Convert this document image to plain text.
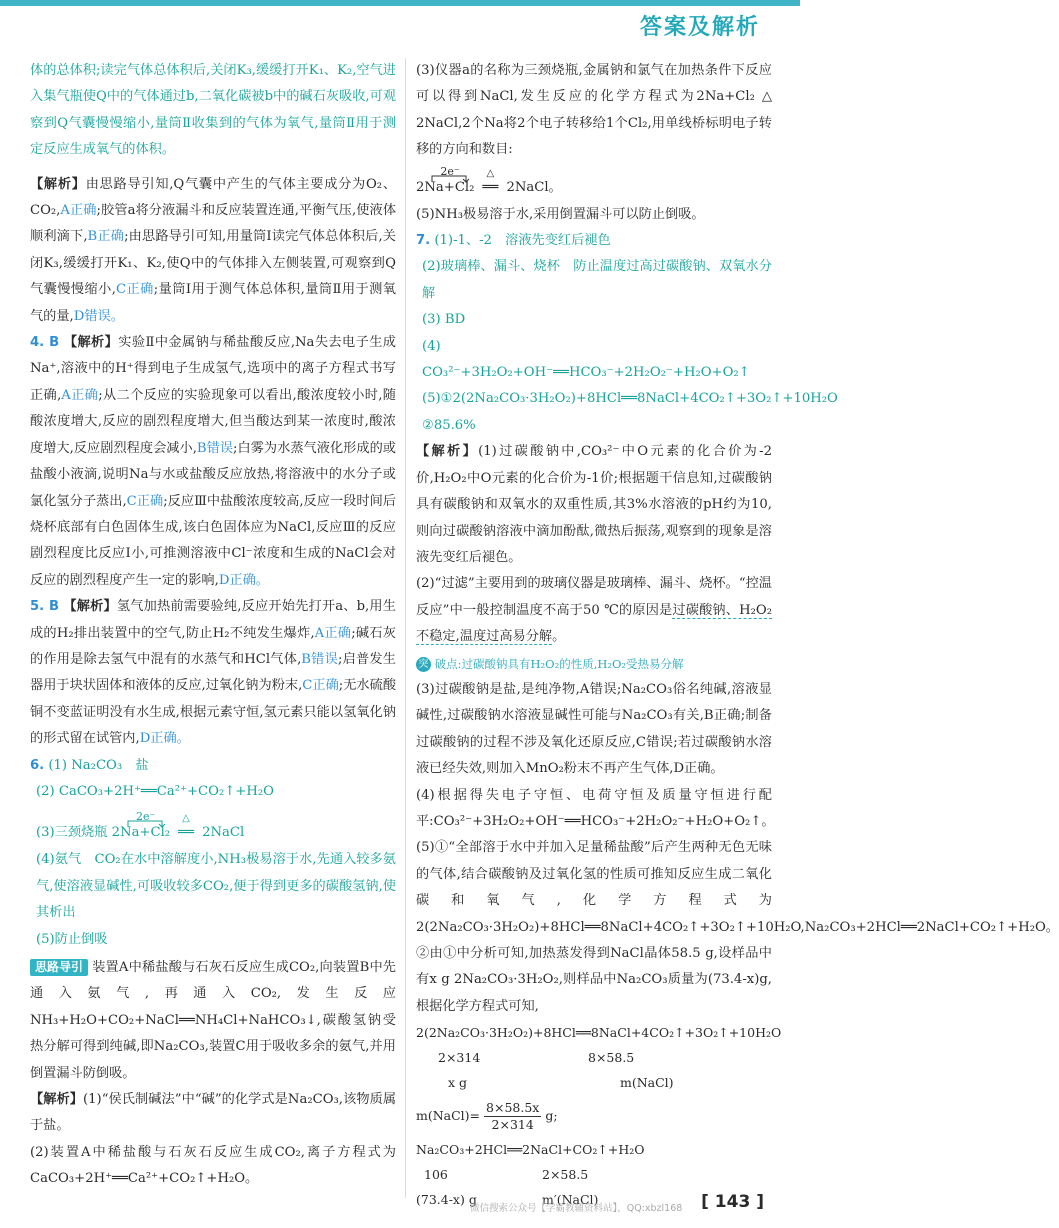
答案及解析

体的总体积;读完气体总体积后,关闭K₃,缓缓打开K₁、K₂,空气进入集气瓶使Q中的气体通过b,二氧化碳被b中的碱石灰吸收,可观察到Q气囊慢慢缩小,量筒Ⅱ收集到的气体为氧气,量筒Ⅱ用于测定反应生成氧气的体积。

【解析】由思路导引知,Q气囊中产生的气体主要成分为O₂、CO₂,A正确;胶管a将分液漏斗和反应装置连通,平衡气压,使液体顺利滴下,B正确;由思路导引可知,用量筒Ⅰ读完气体总体积后,关闭K₃,缓缓打开K₁、K₂,使Q中的气体排入左侧装置,可观察到Q气囊慢慢缩小,C正确;量筒Ⅰ用于测气体总体积,量筒Ⅱ用于测氧气的量,D错误。

4. B 【解析】实验Ⅱ中金属钠与稀盐酸反应,Na失去电子生成Na⁺,溶液中的H⁺得到电子生成氢气,选项中的离子方程式书写正确,A正确;从二个反应的实验现象可以看出,酸浓度较小时,随酸浓度增大,反应的剧烈程度增大,但当酸达到某一浓度时,酸浓度增大,反应剧烈程度会减小,B错误;白雾为水蒸气液化形成的或盐酸小液滴,说明Na与水或盐酸反应放热,将溶液中的水分子或氯化氢分子蒸出,C正确;反应Ⅲ中盐酸浓度较高,反应一段时间后烧杯底部有白色固体生成,该白色固体应为NaCl,反应Ⅲ的反应剧烈程度比反应Ⅰ小,可推测溶液中Cl⁻浓度和生成的NaCl会对反应的剧烈程度产生一定的影响,D正确。

5. B 【解析】氢气加热前需要验纯,反应开始先打开a、b,用生成的H₂排出装置中的空气,防止H₂不纯发生爆炸,A正确;碱石灰的作用是除去氢气中混有的水蒸气和HCl气体,B错误;启普发生器用于块状固体和液体的反应,过氧化钠为粉末,C正确;无水硫酸铜不变蓝证明没有水生成,根据元素守恒,氢元素只能以氢氧化钠的形式留在试管内,D正确。

6. (1) Na₂CO₃　盐

(2) CaCO₃+2H⁺══Ca²⁺+CO₂↑+H₂O

(3)三颈烧瓶
2e⁻
2Na+Cl₂
△
══ 2NaCl

(4)氨气　CO₂在水中溶解度小,NH₃极易溶于水,先通入较多氨气,使溶液显碱性,可吸收较多CO₂,便于得到更多的碳酸氢钠,使其析出

(5)防止倒吸

思路导引 装置A中稀盐酸与石灰石反应生成CO₂,向装置B中先通入氨气,再通入CO₂,发生反应NH₃+H₂O+CO₂+NaCl══NH₄Cl+NaHCO₃↓,碳酸氢钠受热分解可得到纯碱,即Na₂CO₃,装置C用于吸收多余的氨气,并用倒置漏斗防倒吸。

【解析】(1)“侯氏制碱法”中“碱”的化学式是Na₂CO₃,该物质属于盐。

(2)装置A中稀盐酸与石灰石反应生成CO₂,离子方程式为CaCO₃+2H⁺══Ca²⁺+CO₂↑+H₂O。

(3)仪器a的名称为三颈烧瓶,金属钠和氯气在加热条件下反应可以得到NaCl,发生反应的化学方程式为2Na+Cl₂ △ 2NaCl,2个Na将2个电子转移给1个Cl₂,用单线桥标明电子转移的方向和数目:

2e⁻
2Na+Cl₂
△
══ 2NaCl。

(5)NH₃极易溶于水,采用倒置漏斗可以防止倒吸。

7. (1)-1、-2　溶液先变红后褪色

(2)玻璃棒、漏斗、烧杯　防止温度过高过碳酸钠、双氧水分解

(3) BD

(4) CO₃²⁻+3H₂O₂+OH⁻══HCO₃⁻+2H₂O₂⁻+H₂O+O₂↑

(5)①2(2Na₂CO₃·3H₂O₂)+8HCl══8NaCl+4CO₂↑+3O₂↑+10H₂O　②85.6%

【解析】(1)过碳酸钠中,CO₃²⁻中O元素的化合价为-2价,H₂O₂中O元素的化合价为-1价;根据题干信息知,过碳酸钠具有碳酸钠和双氧水的双重性质,其3%水溶液的pH约为10,则向过碳酸钠溶液中滴加酚酞,微热后振荡,观察到的现象是溶液先变红后褪色。

(2)“过滤”主要用到的玻璃仪器是玻璃棒、漏斗、烧杯。“控温反应”中一般控制温度不高于50 ℃的原因是过碳酸钠、H₂O₂不稳定,温度过高易分解。

突 破点:过碳酸钠具有H₂O₂的性质,H₂O₂受热易分解

(3)过碳酸钠是盐,是纯净物,A错误;Na₂CO₃俗名纯碱,溶液显碱性,过碳酸钠水溶液显碱性可能与Na₂CO₃有关,B正确;制备过碳酸钠的过程不涉及氧化还原反应,C错误;若过碳酸钠水溶液已经失效,则加入MnO₂粉末不再产生气体,D正确。

(4)根据得失电子守恒、电荷守恒及质量守恒进行配平:CO₃²⁻+3H₂O₂+OH⁻══HCO₃⁻+2H₂O₂⁻+H₂O+O₂↑。

(5)①“全部溶于水中并加入足量稀盐酸”后产生两种无色无味的气体,结合碳酸钠及过氧化氢的性质可推知反应生成二氧化碳和氧气,化学方程式为2(2Na₂CO₃·3H₂O₂)+8HCl══8NaCl+4CO₂↑+3O₂↑+10H₂O,Na₂CO₃+2HCl══2NaCl+CO₂↑+H₂O。②由①中分析可知,加热蒸发得到NaCl晶体58.5 g,设样品中有x g 2Na₂CO₃·3H₂O₂,则样品中Na₂CO₃质量为(73.4-x)g,根据化学方程式可知,

2(2Na₂CO₃·3H₂O₂)+8HCl══8NaCl+4CO₂↑+3O₂↑+10H₂O
2×314	8×58.5
x g	m(NaCl)
m(NaCl)= $\frac{8\times 58.5x}{2\times 314} g$;
Na₂CO₃+2HCl══2NaCl+CO₂↑+H₂O
106	2×58.5
(73.4-x) g	m′(NaCl)
微信搜索公众号【学霸教辅资料站】，QQ:xbzl168 [ 143 ]
